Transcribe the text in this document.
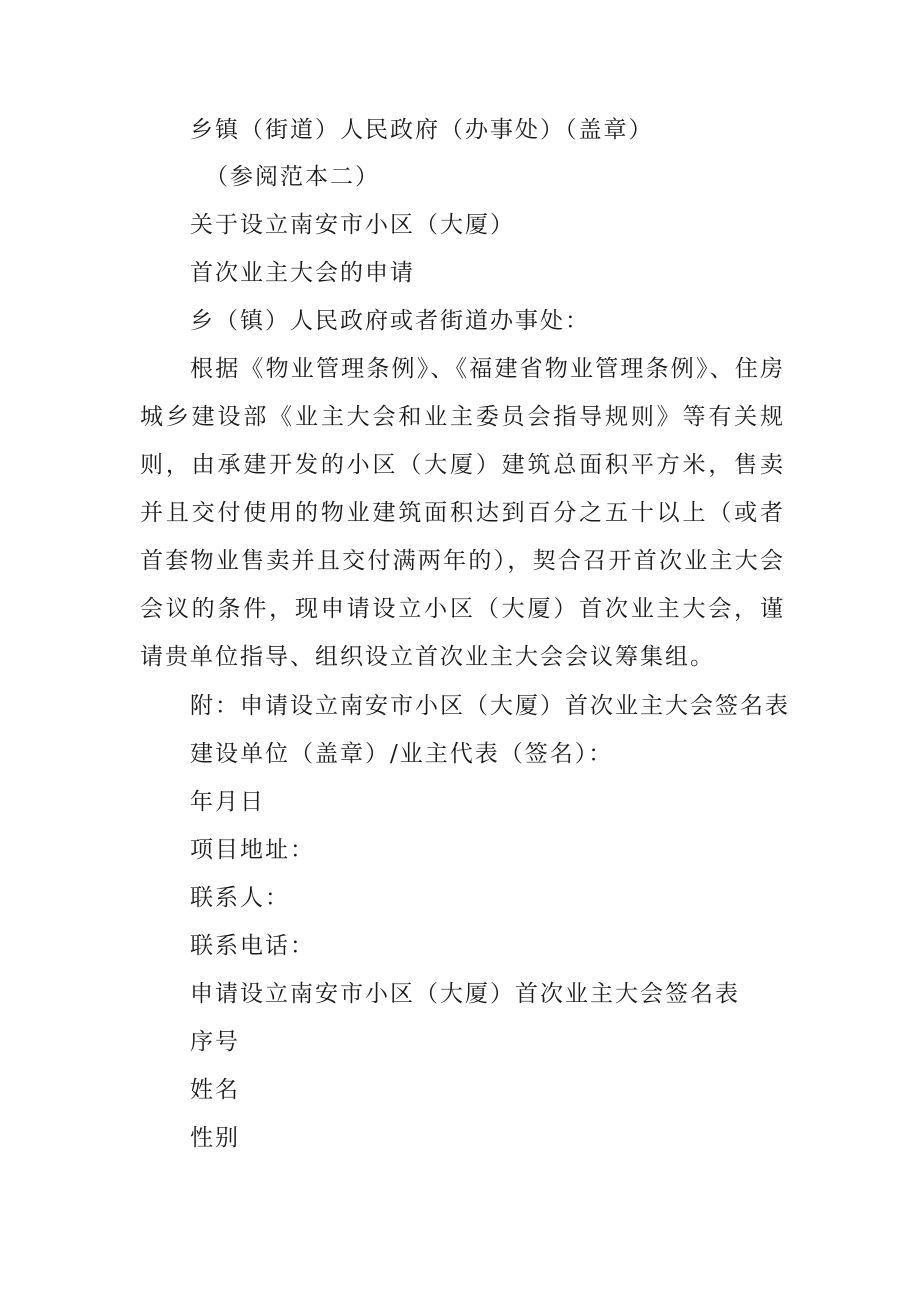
乡镇（街道）人民政府（办事处）（盖章）
（参阅范本二）
关于设立南安市小区（大厦）
首次业主大会的申请
乡（镇）人民政府或者街道办事处：
根据《物业管理条例》、《福建省物业管理条例》、住房城乡建设部《业主大会和业主委员会指导规则》等有关规则，由承建开发的小区（大厦）建筑总面积平方米，售卖并且交付使用的物业建筑面积达到百分之五十以上（或者首套物业售卖并且交付满两年的），契合召开首次业主大会会议的条件，现申请设立小区（大厦）首次业主大会，谨请贵单位指导、组织设立首次业主大会会议筹集组。
附：申请设立南安市小区（大厦）首次业主大会签名表
建设单位（盖章）/业主代表（签名）：
年月日
项目地址：
联系人：
联系电话：
申请设立南安市小区（大厦）首次业主大会签名表
序号
姓名
性别
